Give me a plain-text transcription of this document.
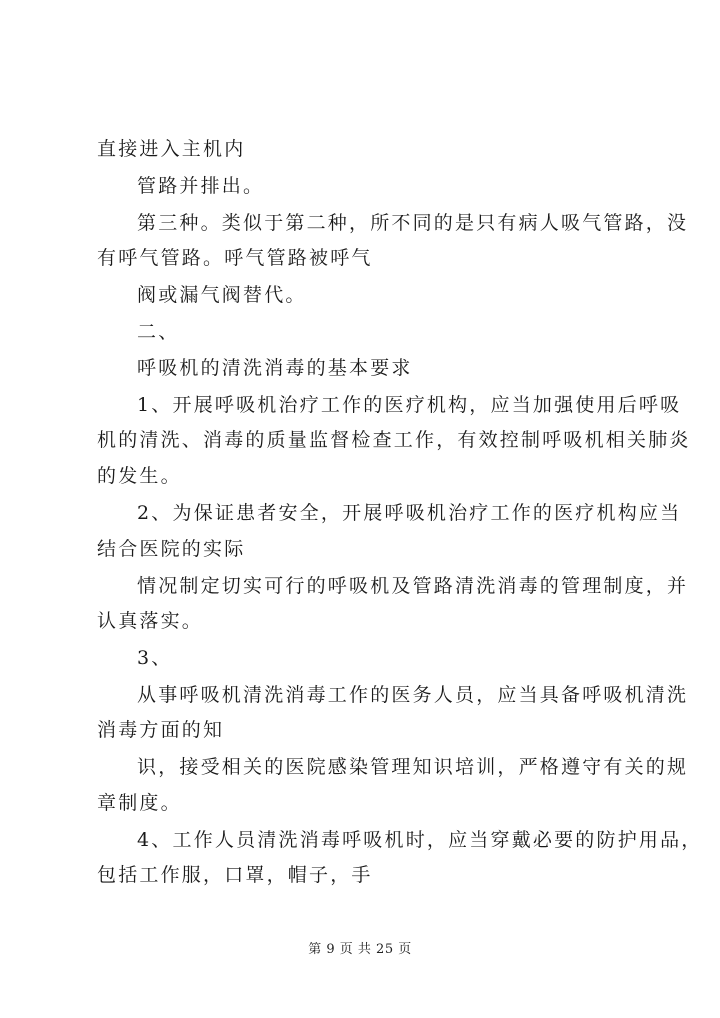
直接进入主机内
管路并排出。
第三种。类似于第二种，所不同的是只有病人吸气管路，没
有呼气管路。呼气管路被呼气
阀或漏气阀替代。
二、
呼吸机的清洗消毒的基本要求
1、开展呼吸机治疗工作的医疗机构，应当加强使用后呼吸
机的清洗、消毒的质量监督检查工作，有效控制呼吸机相关肺炎
的发生。
2、为保证患者安全，开展呼吸机治疗工作的医疗机构应当
结合医院的实际
情况制定切实可行的呼吸机及管路清洗消毒的管理制度，并
认真落实。
3、
从事呼吸机清洗消毒工作的医务人员，应当具备呼吸机清洗
消毒方面的知
识，接受相关的医院感染管理知识培训，严格遵守有关的规
章制度。
4、工作人员清洗消毒呼吸机时，应当穿戴必要的防护用品，
包括工作服，口罩，帽子，手
第 9 页 共 25 页
